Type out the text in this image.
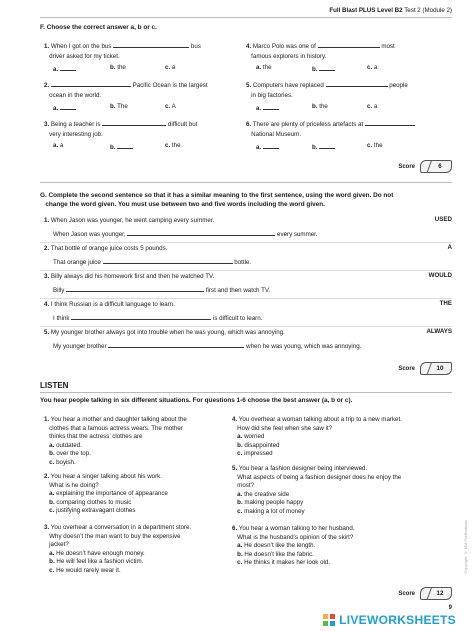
Full Blast PLUS Level B2 Test 2 (Module 2)
F. Choose the correct answer a, b or c.
1. When I got on the bus	bus
driver asked for my ticket.
a.	b. the	c. a
2.	Pacific Ocean is the largest
ocean in the world.
a.	b. The	c. A
3. Being a teacher is	difficult but
very interesting job.
a. a	b.	c. the
4. Marco Polo was one of	most
famous explorers in history.
a. the	b.	c. a
5. Computers have replaced	people
in big factories.
a.	b. the	c. a
6. There are plenty of priceless artefacts at
National Museum.
a.	b.	c. the
Score	6
G. Complete the second sentence so that it has a similar meaning to the first sentence, using the word given. Do not
change the word given. You must use between two and five words including the word given.
1. When Jason was younger, he went camping every summer.	USED
When Jason was younger,	every summer.
2. That bottle of orange juice costs 5 pounds.	A
That orange juice	bottle.
3. Billy always did his homework first and then he watched TV.	WOULD
Billy	first and then watch TV.
4. I think Russian is a difficult language to learn.	THE
I think	is difficult to learn.
5. My younger brother always got into trouble when he was young, which was annoying.	ALWAYS
My younger brother	when he was young, which was annoying.
Score	10
LISTEN
You hear people talking in six different situations. For questions 1-6 choose the best answer (a, b or c).
1. You hear a mother and daughter talking about the
clothes that a famous actress wears. The mother
thinks that the actress’ clothes are
a. outdated.
b. over the top.
c. boyish.
2. You hear a singer talking about his work.
What is he doing?
a. explaining the importance of appearance
b. comparing clothes to music
c. justifying extravagant clothes
3. You overhear a conversation in a department store.
Why doesn’t the man want to buy the expensive
jacket?
a. He doesn’t have enough money.
b. He will feel like a fashion victim.
c. He would rarely wear it.
4. You overhear a woman talking about a trip to a new market.
How did she feel when she saw it?
a. worried
b. disappointed
c. impressed
5. You hear a fashion designer being interviewed.
What aspects of being a fashion designer does he enjoy the
most?
a. the creative side
b. making people happy
c. making a lot of money
6. You hear a woman talking to her husband.
What is the husband’s opinion of the skirt?
a. He doesn’t like the length.
b. He doesn’t like the fabric.
c. He thinks it makes her look old.
Score	12
Copyright © MM Publications
9
LIVEWORKSHEETS
